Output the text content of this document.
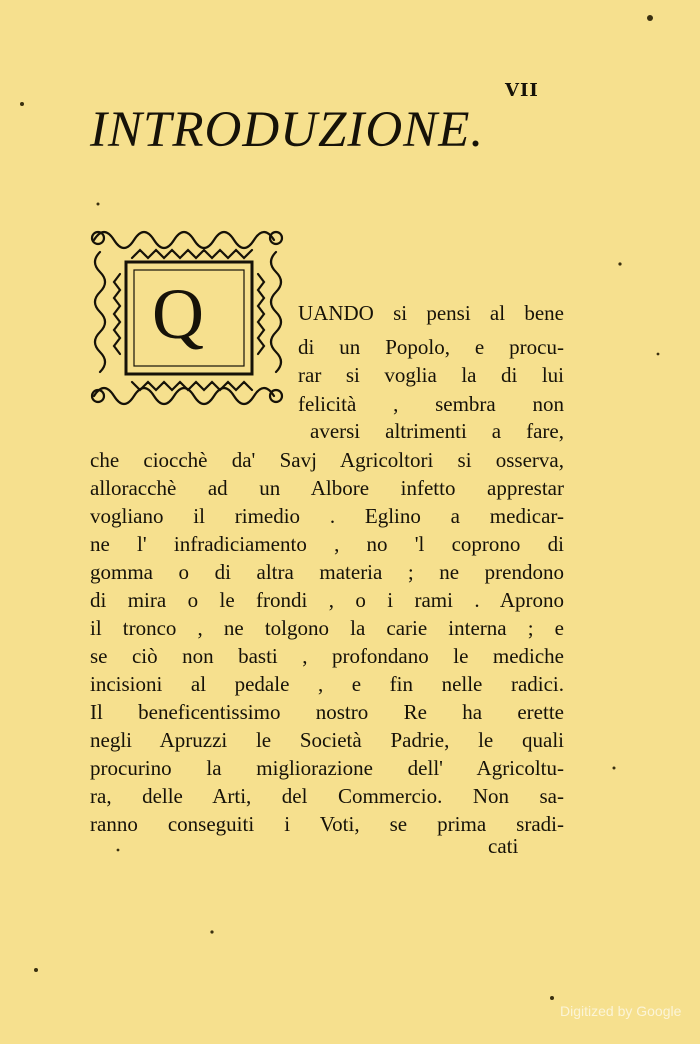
VII
INTRODUZIONE.
Q	UANDO si pensi al bene
di un Popolo, e procu-
rar si voglia la di lui
felicità , sembra non
aversi altrimenti a fare,
che ciocchè da' Savj Agricoltori si osserva,
alloracchè ad un Albore infetto apprestar
vogliano il rimedio . Eglino a medicar-
ne l' infradiciamento , no 'l coprono di
gomma o di altra materia ; ne prendono
di mira o le frondi , o i rami . Aprono
il tronco , ne tolgono la carie interna ; e
se ciò non basti , profondano le mediche
incisioni al pedale , e fin nelle radici.
Il beneficentissimo nostro Re ha erette
negli Apruzzi le Società Padrie, le quali
procurino la migliorazione dell' Agricoltu-
ra, delle Arti, del Commercio. Non sa-
ranno conseguiti i Voti, se prima sradi-
cati
Digitized by Google
